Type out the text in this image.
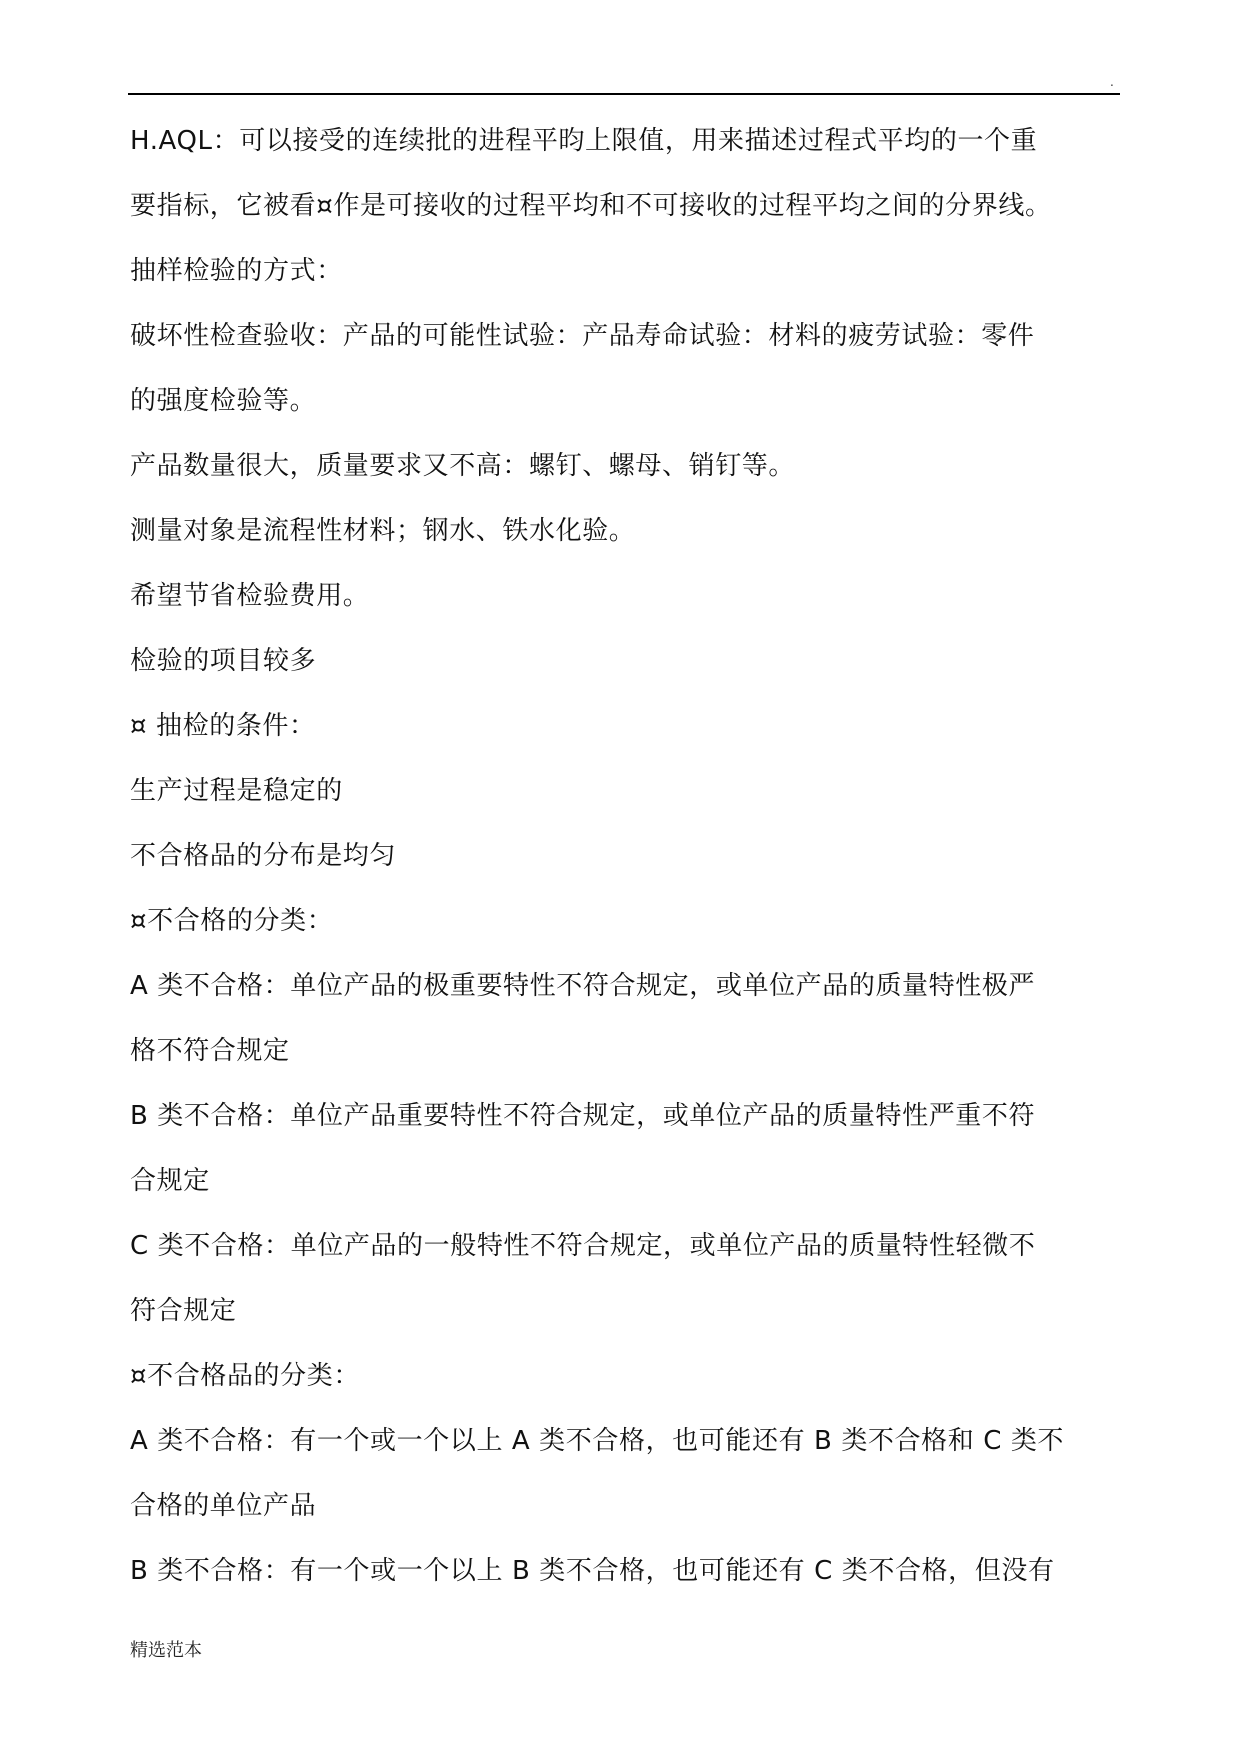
.
H.AQL：可以接受的连续批的进程平昀上限值，用来描述过程式平均的一个重
要指标，它被看¤作是可接收的过程平均和不可接收的过程平均之间的分界线。
抽样检验的方式：
破坏性检查验收：产品的可能性试验：产品寿命试验：材料的疲劳试验：零件
的强度检验等。
产品数量很大，质量要求又不高：螺钉、螺母、销钉等。
测量对象是流程性材料；钢水、铁水化验。
希望节省检验费用。
检验的项目较多
¤ 抽检的条件：
生产过程是稳定的
不合格品的分布是均匀
¤不合格的分类：
A 类不合格：单位产品的极重要特性不符合规定，或单位产品的质量特性极严
格不符合规定
B 类不合格：单位产品重要特性不符合规定，或单位产品的质量特性严重不符
合规定
C 类不合格：单位产品的一般特性不符合规定，或单位产品的质量特性轻微不
符合规定
¤不合格品的分类：
A 类不合格：有一个或一个以上 A 类不合格，也可能还有 B 类不合格和 C 类不
合格的单位产品
B 类不合格：有一个或一个以上 B 类不合格，也可能还有 C 类不合格，但没有
精选范本
